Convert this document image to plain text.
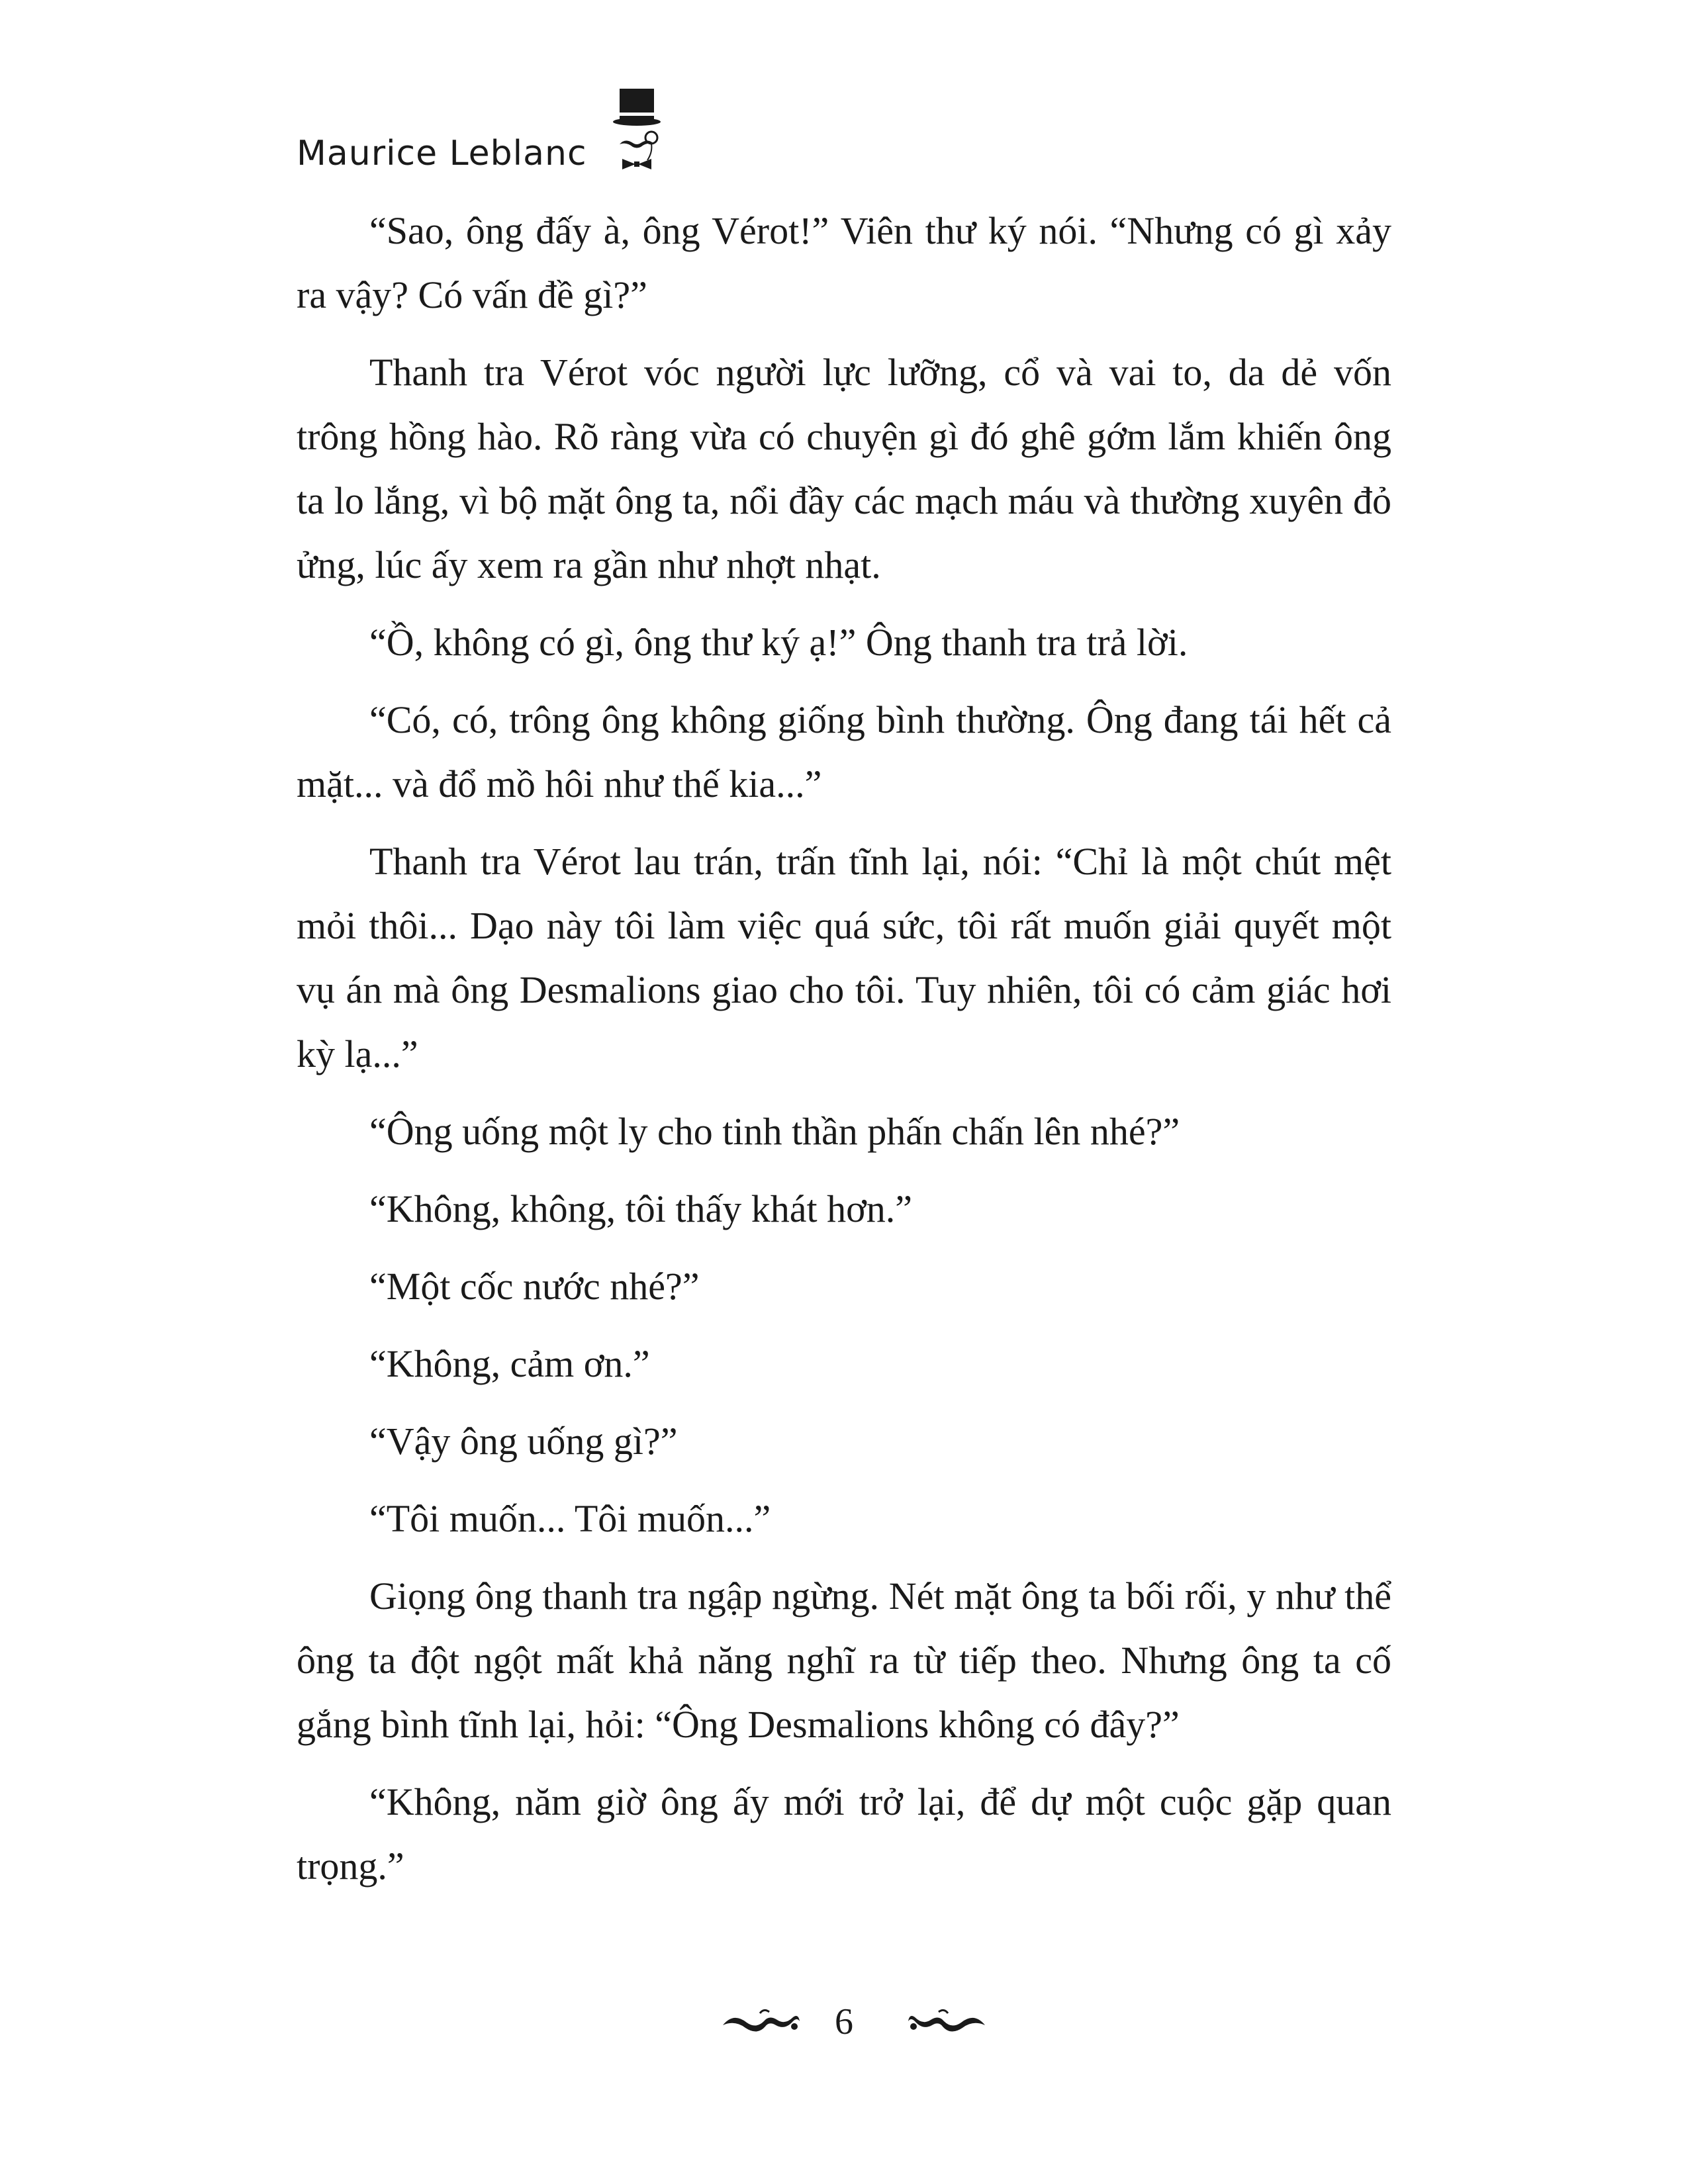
Maurice Leblanc

“Sao, ông đấy à, ông Vérot!” Viên thư ký nói. “Nhưng có gì xảy ra vậy? Có vấn đề gì?”

Thanh tra Vérot vóc người lực lưỡng, cổ và vai to, da dẻ vốn trông hồng hào. Rõ ràng vừa có chuyện gì đó ghê gớm lắm khiến ông ta lo lắng, vì bộ mặt ông ta, nổi đầy các mạch máu và thường xuyên đỏ ửng, lúc ấy xem ra gần như nhợt nhạt.

“Ồ, không có gì, ông thư ký ạ!” Ông thanh tra trả lời.

“Có, có, trông ông không giống bình thường. Ông đang tái hết cả mặt... và đổ mồ hôi như thế kia...”

Thanh tra Vérot lau trán, trấn tĩnh lại, nói: “Chỉ là một chút mệt mỏi thôi... Dạo này tôi làm việc quá sức, tôi rất muốn giải quyết một vụ án mà ông Desmalions giao cho tôi. Tuy nhiên, tôi có cảm giác hơi kỳ lạ...”

“Ông uống một ly cho tinh thần phấn chấn lên nhé?”

“Không, không, tôi thấy khát hơn.”

“Một cốc nước nhé?”

“Không, cảm ơn.”

“Vậy ông uống gì?”

“Tôi muốn... Tôi muốn...”

Giọng ông thanh tra ngập ngừng. Nét mặt ông ta bối rối, y như thể ông ta đột ngột mất khả năng nghĩ ra từ tiếp theo. Nhưng ông ta cố gắng bình tĩnh lại, hỏi: “Ông Desmalions không có đây?”

“Không, năm giờ ông ấy mới trở lại, để dự một cuộc gặp quan trọng.”

6
